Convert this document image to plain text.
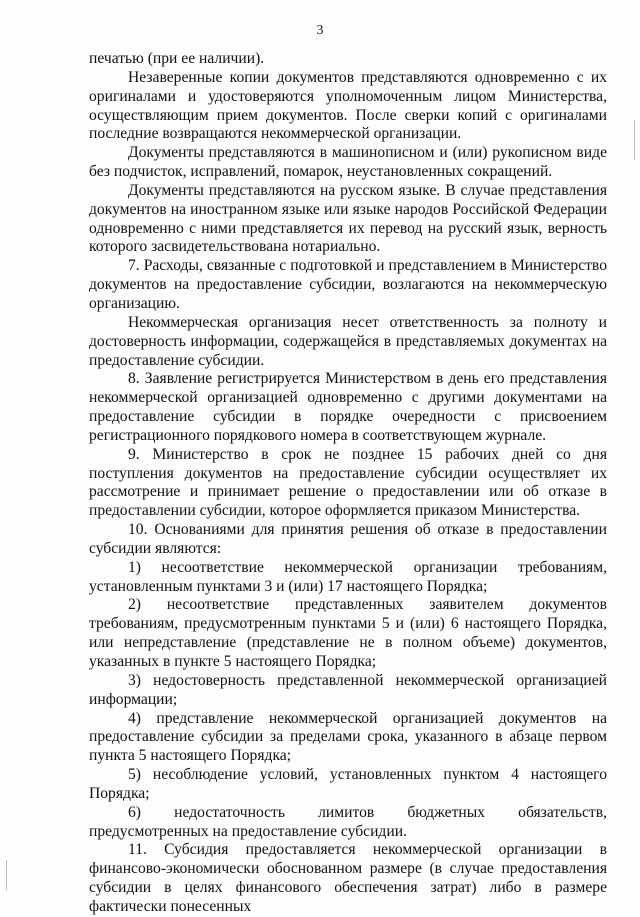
3

печатью (при ее наличии).

Незаверенные копии документов представляются одновременно с их оригиналами и удостоверяются уполномоченным лицом Министерства, осуществляющим прием документов. После сверки копий с оригиналами последние возвращаются некоммерческой организации.

Документы представляются в машинописном и (или) рукописном виде без подчисток, исправлений, помарок, неустановленных сокращений.

Документы представляются на русском языке. В случае представления документов на иностранном языке или языке народов Российской Федерации одновременно с ними представляется их перевод на русский язык, верность которого засвидетельствована нотариально.

7. Расходы, связанные с подготовкой и представлением в Министерство документов на предоставление субсидии, возлагаются на некоммерческую организацию.

Некоммерческая организация несет ответственность за полноту и достоверность информации, содержащейся в представляемых документах на предоставление субсидии.

8. Заявление регистрируется Министерством в день его представления некоммерческой организацией одновременно с другими документами на предоставление субсидии в порядке очередности с присвоением регистрационного порядкового номера в соответствующем журнале.

9. Министерство в срок не позднее 15 рабочих дней со дня поступления документов на предоставление субсидии осуществляет их рассмотрение и принимает решение о предоставлении или об отказе в предоставлении субсидии, которое оформляется приказом Министерства.

10. Основаниями для принятия решения об отказе в предоставлении субсидии являются:

1) несоответствие некоммерческой организации требованиям, установленным пунктами 3 и (или) 17 настоящего Порядка;

2) несоответствие представленных заявителем документов требованиям, предусмотренным пунктами 5 и (или) 6 настоящего Порядка, или непредставление (представление не в полном объеме) документов, указанных в пункте 5 настоящего Порядка;

3) недостоверность представленной некоммерческой организацией информации;

4) представление некоммерческой организацией документов на предоставление субсидии за пределами срока, указанного в абзаце первом пункта 5 настоящего Порядка;

5) несоблюдение условий, установленных пунктом 4 настоящего Порядка;

6) недостаточность лимитов бюджетных обязательств, предусмотренных на предоставление субсидии.

11. Субсидия предоставляется некоммерческой организации в финансово-экономически обоснованном размере (в случае предоставления субсидии в целях финансового обеспечения затрат) либо в размере фактически понесенных
